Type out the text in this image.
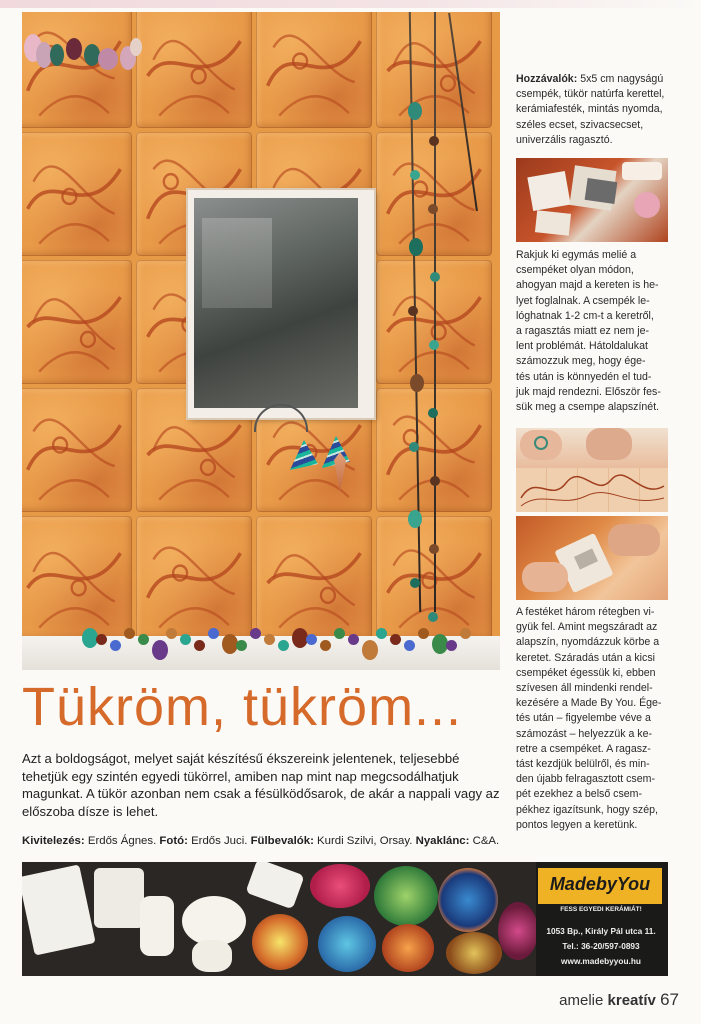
Hozzávalók: 5x5 cm nagyságú csempék, tükör natúrfa kerettel, kerámiafesték, mintás nyomda, széles ecset, szivacsecset, univerzális ragasztó.
Rakjuk ki egymás melié a
csempéket olyan módon,
ahogyan majd a kereten is he-
lyet foglalnak. A csempék le-
lóghatnak 1-2 cm-t a keretről,
a ragasztás miatt ez nem je-
lent problémát. Hátoldalukat
számozzuk meg, hogy ége-
tés után is könnyedén el tud-
juk majd rendezni. Először fes-
sük meg a csempe alapszínét.
A festéket három rétegben vi-
gyük fel. Amint megszáradt az
alapszín, nyomdázzuk körbe a
keretet. Száradás után a kicsi
csempéket égessük ki, ebben
szívesen áll mindenki rendel-
kezésére a Made By You. Ége-
tés után – figyelembe véve a
számozást – helyezzük a ke-
retre a csempéket. A ragasz-
tást kezdjük belülről, és min-
den újabb felragasztott csem-
pét ezekhez a belső csem-
pékhez igazítsunk, hogy szép,
pontos legyen a keretünk.
Tükröm, tükröm...
Azt a boldogságot, melyet saját készítésű ékszereink jelentenek, teljesebbé tehetjük egy szintén egyedi tükörrel, amiben nap mint nap megcsodálhatjuk magunkat. A tükör azonban nem csak a fésülködősarok, de akár a nappali vagy az előszoba dísze is lehet.
Kivitelezés: Erdős Ágnes. Fotó: Erdős Juci. Fülbevalók: Kurdi Szilvi, Orsay. Nyaklánc: C&A.
MadebyYou
FESS EGYEDI KERÁMIÁT!
1053 Bp., Király Pál utca 11.
Tel.: 36-20/597-0893
www.madebyyou.hu
amelie kreatív 67
